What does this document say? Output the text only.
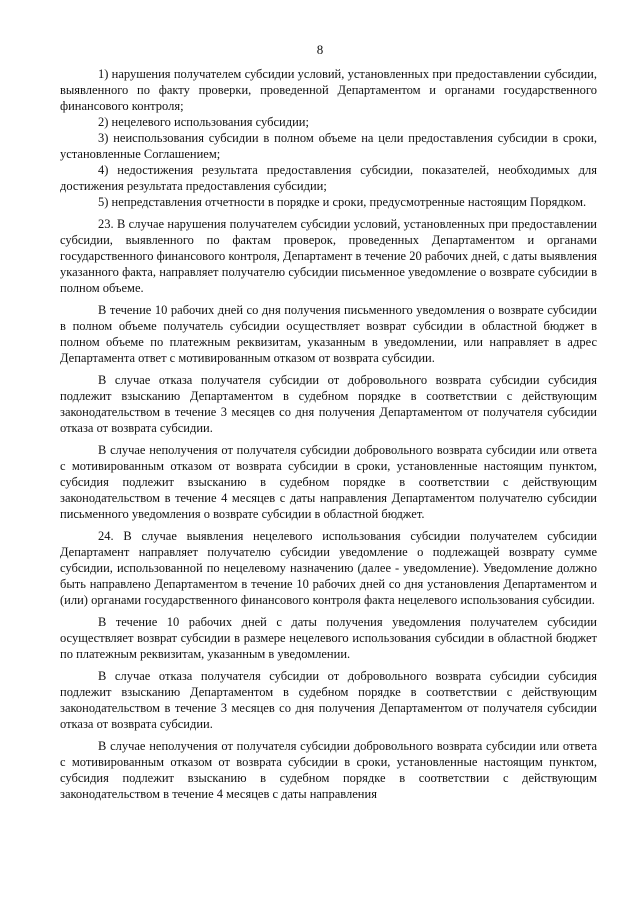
8

1) нарушения получателем субсидии условий, установленных при предоставлении субсидии, выявленного по факту проверки, проведенной Департаментом и органами государственного финансового контроля;

2) нецелевого использования субсидии;

3) неиспользования субсидии в полном объеме на цели предоставления субсидии в сроки, установленные Соглашением;

4) недостижения результата предоставления субсидии, показателей, необходимых для достижения результата предоставления субсидии;

5) непредставления отчетности в порядке и сроки, предусмотренные настоящим Порядком.

23. В случае нарушения получателем субсидии условий, установленных при предоставлении субсидии, выявленного по фактам проверок, проведенных Департаментом и органами государственного финансового контроля, Департамент в течение 20 рабочих дней, с даты выявления указанного факта, направляет получателю субсидии письменное уведомление о возврате субсидии в полном объеме.

В течение 10 рабочих дней со дня получения письменного уведомления о возврате субсидии в полном объеме получатель субсидии осуществляет возврат субсидии в областной бюджет в полном объеме по платежным реквизитам, указанным в уведомлении, или направляет в адрес Департамента ответ с мотивированным отказом от возврата субсидии.

В случае отказа получателя субсидии от добровольного возврата субсидии субсидия подлежит взысканию Департаментом в судебном порядке в соответствии с действующим законодательством в течение 3 месяцев со дня получения Департаментом от получателя субсидии отказа от возврата субсидии.

В случае неполучения от получателя субсидии добровольного возврата субсидии или ответа с мотивированным отказом от возврата субсидии в сроки, установленные настоящим пунктом, субсидия подлежит взысканию в судебном порядке в соответствии с действующим законодательством в течение 4 месяцев с даты направления Департаментом получателю субсидии письменного уведомления о возврате субсидии в областной бюджет.

24. В случае выявления нецелевого использования субсидии получателем субсидии Департамент направляет получателю субсидии уведомление о подлежащей возврату сумме субсидии, использованной по нецелевому назначению (далее - уведомление). Уведомление должно быть направлено Департаментом в течение 10 рабочих дней со дня установления Департаментом и (или) органами государственного финансового контроля факта нецелевого использования субсидии.

В течение 10 рабочих дней с даты получения уведомления получателем субсидии осуществляет возврат субсидии в размере нецелевого использования субсидии в областной бюджет по платежным реквизитам, указанным в уведомлении.

В случае отказа получателя субсидии от добровольного возврата субсидии субсидия подлежит взысканию Департаментом в судебном порядке в соответствии с действующим законодательством в течение 3 месяцев со дня получения Департаментом от получателя субсидии отказа от возврата субсидии.

В случае неполучения от получателя субсидии добровольного возврата субсидии или ответа с мотивированным отказом от возврата субсидии в сроки, установленные настоящим пунктом, субсидия подлежит взысканию в судебном порядке в соответствии с действующим законодательством в течение 4 месяцев с даты направления
